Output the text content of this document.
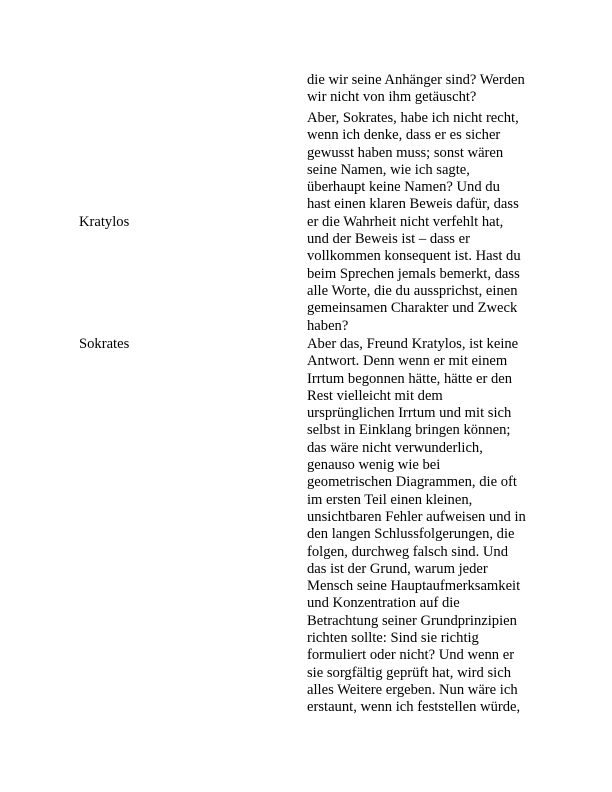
die wir seine Anhänger sind? Werden
wir nicht von ihm getäuscht?
Kratylos
Aber, Sokrates, habe ich nicht recht,
wenn ich denke, dass er es sicher
gewusst haben muss; sonst wären
seine Namen, wie ich sagte,
überhaupt keine Namen? Und du
hast einen klaren Beweis dafür, dass
er die Wahrheit nicht verfehlt hat,
und der Beweis ist – dass er
vollkommen konsequent ist. Hast du
beim Sprechen jemals bemerkt, dass
alle Worte, die du aussprichst, einen
gemeinsamen Charakter und Zweck
haben?
Sokrates	Aber das, Freund Kratylos, ist keine
Antwort. Denn wenn er mit einem
Irrtum begonnen hätte, hätte er den
Rest vielleicht mit dem
ursprünglichen Irrtum und mit sich
selbst in Einklang bringen können;
das wäre nicht verwunderlich,
genauso wenig wie bei
geometrischen Diagrammen, die oft
im ersten Teil einen kleinen,
unsichtbaren Fehler aufweisen und in
den langen Schlussfolgerungen, die
folgen, durchweg falsch sind. Und
das ist der Grund, warum jeder
Mensch seine Hauptaufmerksamkeit
und Konzentration auf die
Betrachtung seiner Grundprinzipien
richten sollte: Sind sie richtig
formuliert oder nicht? Und wenn er
sie sorgfältig geprüft hat, wird sich
alles Weitere ergeben. Nun wäre ich
erstaunt, wenn ich feststellen würde,
